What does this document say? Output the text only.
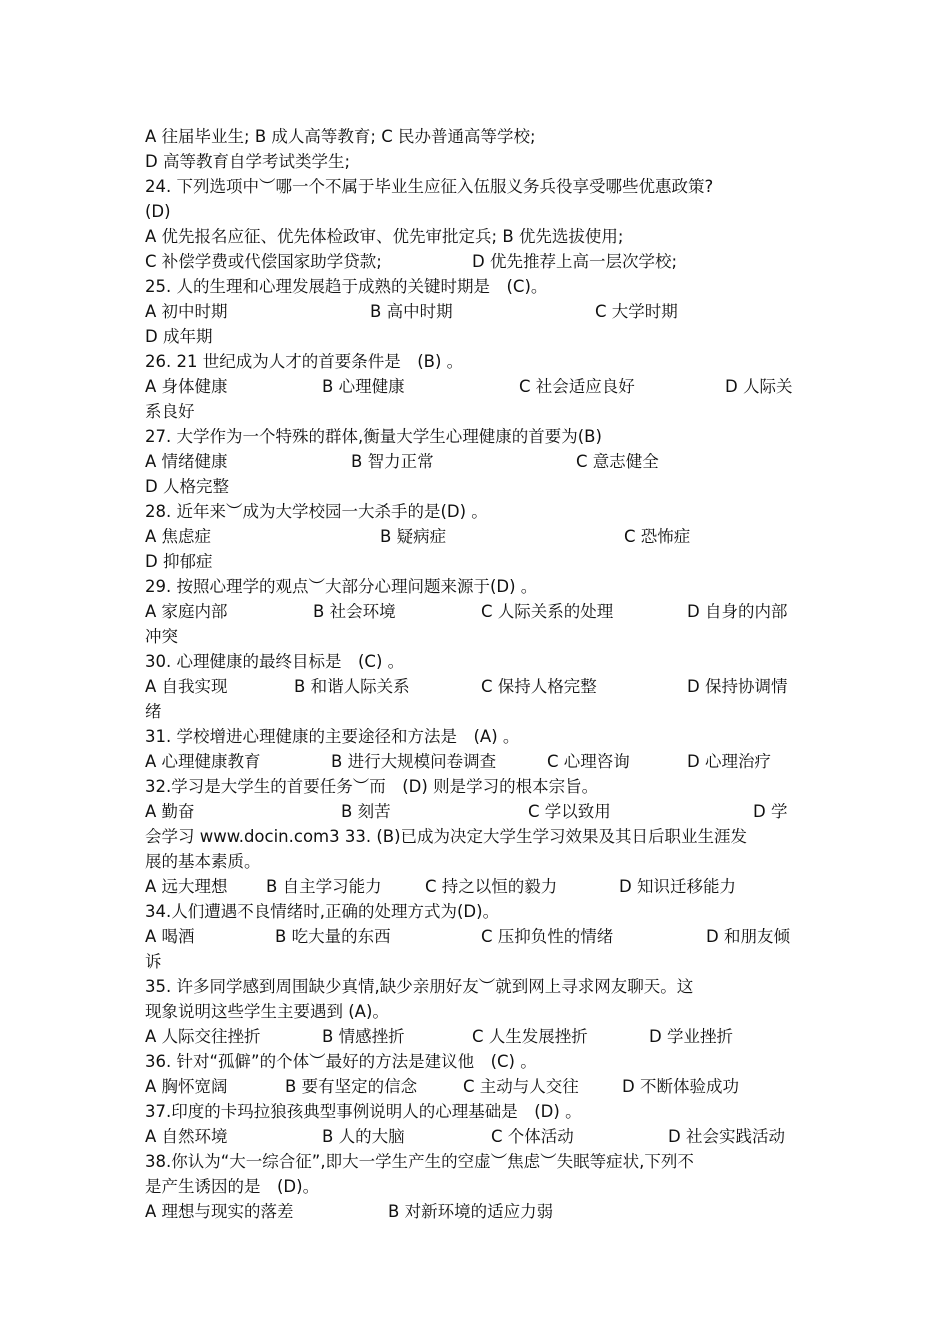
A 往届毕业生; B 成人高等教育; C 民办普通高等学校;
D 高等教育自学考试类学生;
24. 下列选项中︶哪一个不属于毕业生应征入伍服义务兵役享受哪些优惠政策?
(D)
A 优先报名应征、优先体检政审、优先审批定兵; B 优先选拔使用;
C 补偿学费或代偿国家助学贷款;	D 优先推荐上高一层次学校;
25. 人的生理和心理发展趋于成熟的关键时期是　(C)。
A 初中时期	B 高中时期	C 大学时期
D 成年期
26. 21 世纪成为人才的首要条件是　(B) 。
A 身体健康	B 心理健康	C 社会适应良好	D 人际关
系良好
27. 大学作为一个特殊的群体,衡量大学生心理健康的首要为(B)
A 情绪健康	B 智力正常	C 意志健全
D 人格完整
28. 近年来︶成为大学校园一大杀手的是(D) 。
A 焦虑症	B 疑病症	C 恐怖症
D 抑郁症
29. 按照心理学的观点︶大部分心理问题来源于(D) 。
A 家庭内部	B 社会环境	C 人际关系的处理	D 自身的内部
冲突
30. 心理健康的最终目标是　(C) 。
A 自我实现	B 和谐人际关系	C 保持人格完整	D 保持协调情
绪
31. 学校增进心理健康的主要途径和方法是　(A) 。
A 心理健康教育	B 进行大规模问卷调查	C 心理咨询	D 心理治疗
32.学习是大学生的首要任务︶而　(D) 则是学习的根本宗旨。
A 勤奋	B 刻苦	C 学以致用	D 学
会学习 www.docin.com3 33. (B)已成为决定大学生学习效果及其日后职业生涯发
展的基本素质。
A 远大理想 B 自主学习能力	C 持之以恒的毅力	D 知识迁移能力
34.人们遭遇不良情绪时,正确的处理方式为(D)。
A 喝酒	B 吃大量的东西	C 压抑负性的情绪	D 和朋友倾
诉
35. 许多同学感到周围缺少真情,缺少亲朋好友︶就到网上寻求网友聊天。这
现象说明这些学生主要遇到 (A)。
A 人际交往挫折	B 情感挫折	C 人生发展挫折	D 学业挫折
36. 针对“孤僻”的个体︶最好的方法是建议他　(C) 。
A 胸怀宽阔	B 要有坚定的信念	C 主动与人交往	D 不断体验成功
37.印度的卡玛拉狼孩典型事例说明人的心理基础是　(D) 。
A 自然环境	B 人的大脑	C 个体活动	D 社会实践活动
38.你认为“大一综合征”,即大一学生产生的空虚︶焦虑︶失眠等症状,下列不
是产生诱因的是　(D)。
A 理想与现实的落差	B 对新环境的适应力弱
